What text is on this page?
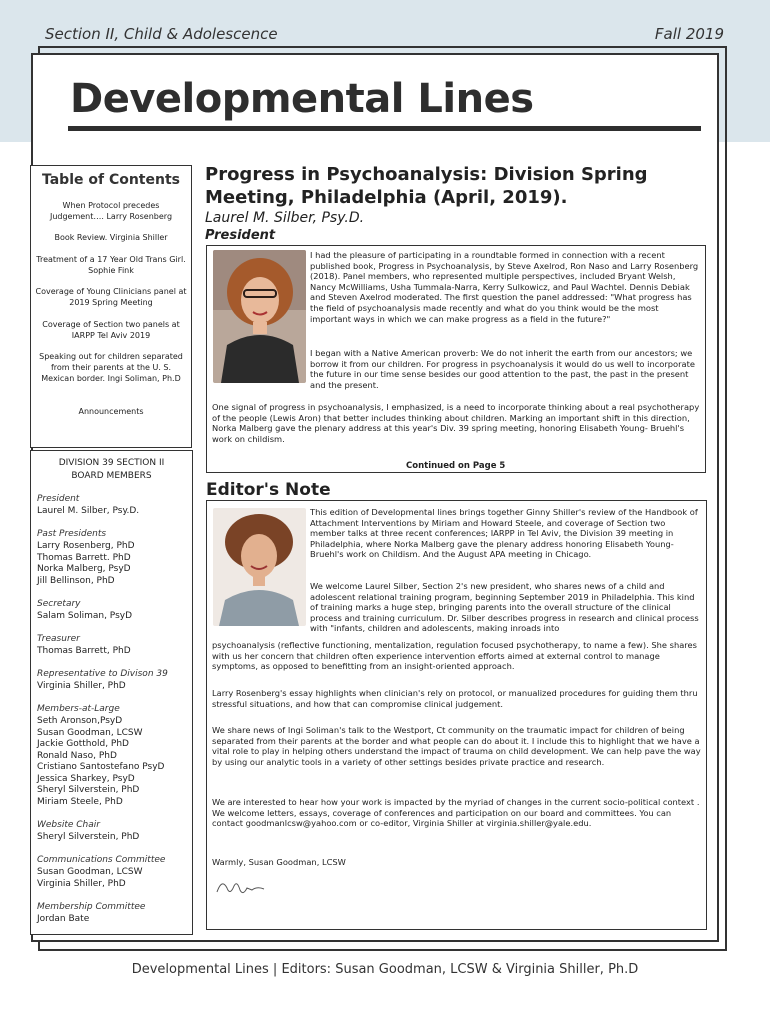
Section II, Child & Adolescence	Fall 2019
Developmental Lines
Table of Contents
When Protocol precedes Judgement…. Larry Rosenberg
Book Review. Virginia Shiller
Treatment of a 17 Year Old Trans Girl. Sophie Fink
Coverage of Young Clinicians panel at 2019 Spring Meeting
Coverage of Section two panels at IARPP Tel Aviv 2019
Speaking out for children separated from their parents at the U. S. Mexican border. Ingi Soliman, Ph.D
Announcements
DIVISION 39 SECTION II
BOARD MEMBERS
President
Laurel M. Silber, Psy.D.
Past Presidents
Larry Rosenberg, PhD
Thomas Barrett. PhD
Norka Malberg, PsyD
Jill Bellinson, PhD
Secretary
Salam Soliman, PsyD
Treasurer
Thomas Barrett, PhD
Representative to Divison 39
Virginia Shiller, PhD
Members-at-Large
Seth Aronson,PsyD
Susan Goodman, LCSW
Jackie Gotthold, PhD
Ronald Naso, PhD
Cristiano Santostefano PsyD
Jessica Sharkey, PsyD
Sheryl Silverstein, PhD
Miriam Steele, PhD
Website Chair
Sheryl Silverstein, PhD
Communications Committee
Susan Goodman, LCSW
Virginia Shiller, PhD
Membership Committee
Jordan Bate
Progress in Psychoanalysis: Division Spring Meeting, Philadelphia (April, 2019).
Laurel M. Silber, Psy.D.
President
I had the pleasure of participating in a roundtable formed in connection with a recent published book, Progress in Psychoanalysis, by Steve Axelrod, Ron Naso and Larry Rosenberg (2018). Panel members, who represented multiple perspectives, included Bryant Welsh, Nancy McWilliams, Usha Tummala-Narra, Kerry Sulkowicz, and Paul Wachtel. Dennis Debiak and Steven Axelrod moderated. The first question the panel addressed: "What progress has the field of psychoanalysis made recently and what do you think would be the most important ways in which we can make progress as a field in the future?"
I began with a Native American proverb: We do not inherit the earth from our ancestors; we borrow it from our children. For progress in psychoanalysis it would do us well to incorporate the future in our time sense besides our good attention to the past, the past in the present and the present.
One signal of progress in psychoanalysis, I emphasized, is a need to incorporate thinking about a real psychotherapy of the people (Lewis Aron) that better includes thinking about children. Marking an important shift in this direction, Norka Malberg gave the plenary address at this year's Div. 39 spring meeting, honoring Elisabeth Young- Bruehl's work on childism.
Continued on Page 5
Editor's Note
This edition of Developmental lines brings together Ginny Shiller's review of the Handbook of Attachment Interventions by Miriam and Howard Steele, and coverage of Section two member talks at three recent conferences; IARPP in Tel Aviv, the Division 39 meeting in Philadelphia, where Norka Malberg gave the plenary address honoring Elisabeth Young-Bruehl's work on Childism. And the August APA meeting in Chicago.
We welcome Laurel Silber, Section 2's new president, who shares news of a child and adolescent relational training program, beginning September 2019 in Philadelphia. This kind of training marks a huge step, bringing parents into the overall structure of the clinical process and training curriculum. Dr. Silber describes progress in research and clinical process with "infants, children and adolescents, making inroads into
psychoanalysis (reflective functioning, mentalization, regulation focused psychotherapy, to name a few). She shares with us her concern that children often experience intervention efforts aimed at external control to manage symptoms, as opposed to benefitting from an insight-oriented approach.
Larry Rosenberg's essay highlights when clinician's rely on protocol, or manualized procedures for guiding them thru stressful situations, and how that can compromise clinical judgement.
We share news of Ingi Soliman's talk to the Westport, Ct community on the traumatic impact for children of being separated from their parents at the border and what people can do about it. I include this to highlight that we have a vital role to play in helping others understand the impact of trauma on child development. We can help pave the way by using our analytic tools in a variety of other settings besides private practice and research.
We are interested to hear how your work is impacted by the myriad of changes in the current socio-political context . We welcome letters, essays, coverage of conferences and participation on our board and committees. You can contact goodmanlcsw@yahoo.com or co-editor, Virginia Shiller at virginia.shiller@yale.edu.
Warmly, Susan Goodman, LCSW
Developmental Lines | Editors: Susan Goodman, LCSW & Virginia Shiller, Ph.D
